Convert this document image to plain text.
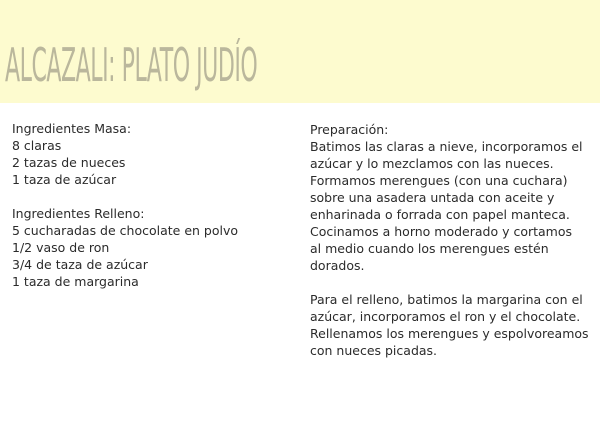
ALCAZALI: PLATO JUDÍO
Ingredientes Masa:
8 claras
2 tazas de nueces
1 taza de azúcar
Ingredientes Relleno:
5 cucharadas de chocolate en polvo
1/2 vaso de ron
3/4 de taza de azúcar
1 taza de margarina
Preparación:
Batimos las claras a nieve, incorporamos el
azúcar y lo mezclamos con las nueces.
Formamos merengues (con una cuchara)
sobre una asadera untada con aceite y
enharinada o forrada con papel manteca.
Cocinamos a horno moderado y cortamos
al medio cuando los merengues estén
dorados.
Para el relleno, batimos la margarina con el
azúcar, incorporamos el ron y el chocolate.
Rellenamos los merengues y espolvoreamos
con nueces picadas.
